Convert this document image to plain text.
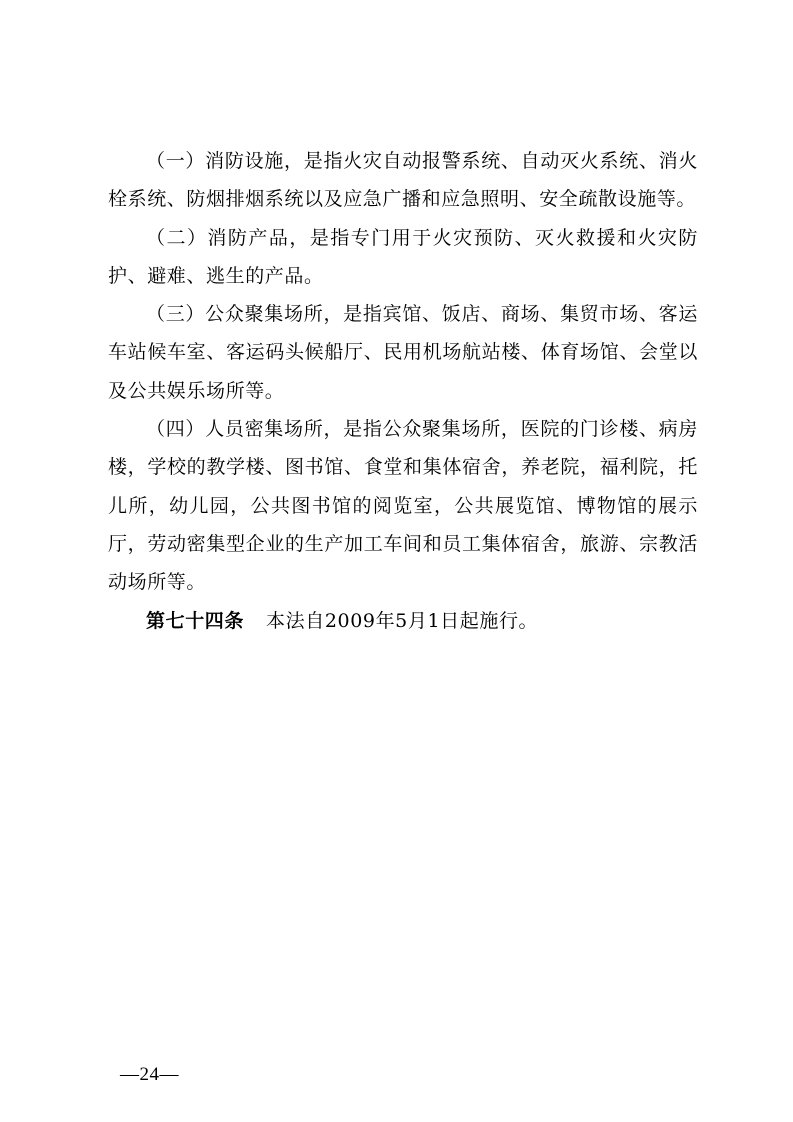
（一）消防设施，是指火灾自动报警系统、自动灭火系统、消火栓系统、防烟排烟系统以及应急广播和应急照明、安全疏散设施等。

（二）消防产品，是指专门用于火灾预防、灭火救援和火灾防护、避难、逃生的产品。

（三）公众聚集场所，是指宾馆、饭店、商场、集贸市场、客运车站候车室、客运码头候船厅、民用机场航站楼、体育场馆、会堂以及公共娱乐场所等。

（四）人员密集场所，是指公众聚集场所，医院的门诊楼、病房楼，学校的教学楼、图书馆、食堂和集体宿舍，养老院，福利院，托儿所，幼儿园，公共图书馆的阅览室，公共展览馆、博物馆的展示厅，劳动密集型企业的生产加工车间和员工集体宿舍，旅游、宗教活动场所等。

第七十四条 本法自2009年5月1日起施行。

—24—
